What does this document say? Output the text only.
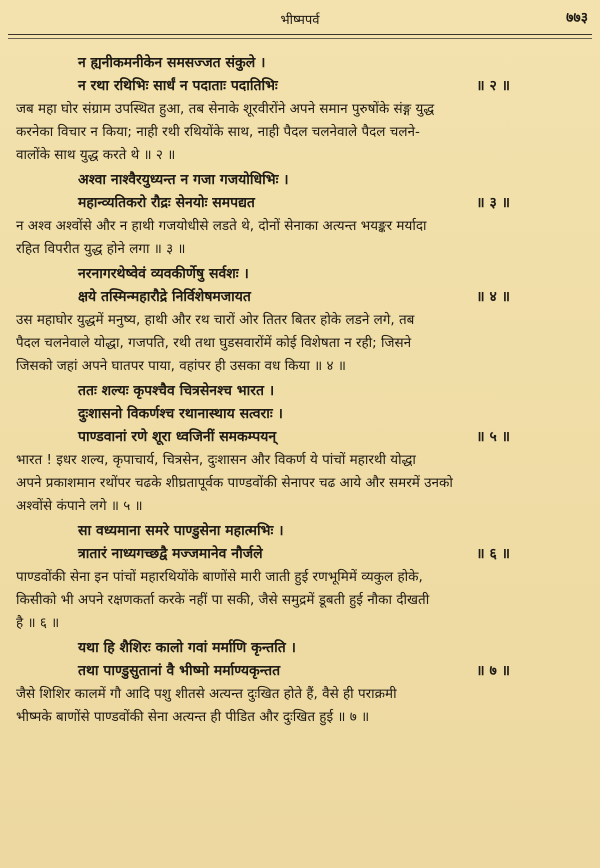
भीष्मपर्व	७७३
न ह्यनीकमनीकेन समसज्जत संकुले ।
न रथा रथिभिः सार्धं न पदाताः पदातिभिः	॥ २ ॥
जब महा घोर संग्राम उपस्थित हुआ, तब सेनाके शूरवीरोंने अपने समान पुरुषोंके संङ्ग युद्ध
करनेका विचार न किया; नाही रथी रथियोंके साथ, नाही पैदल चलनेवाले पैदल चलने-
वालोंके साथ युद्ध करते थे ॥ २ ॥
अश्वा नाश्वैरयुध्यन्त न गजा गजयोधिभिः ।
महान्व्यतिकरो रौद्रः सेनयोः समपद्यत	॥ ३ ॥
न अश्व अश्वोंसे और न हाथी गजयोधीसे लडते थे, दोनों सेनाका अत्यन्त भयङ्कर मर्यादा
रहित विपरीत युद्ध होने लगा ॥ ३ ॥
नरनागरथेष्वेवं व्यवकीर्णेषु सर्वशः ।
क्षये तस्मिन्महारौद्रे निर्विशेषमजायत	॥ ४ ॥
उस महाघोर युद्धमें मनुष्य, हाथी और रथ चारों ओर तितर बितर होके लडने लगे, तब
पैदल चलनेवाले योद्धा, गजपति, रथी तथा घुडसवारोंमें कोई विशेषता न रही; जिसने
जिसको जहां अपने घातपर पाया, वहांपर ही उसका वध किया ॥ ४ ॥
ततः शल्यः कृपश्चैव चित्रसेनश्च भारत ।
दुःशासनो विकर्णश्च रथानास्थाय सत्वराः ।
पाण्डवानां रणे शूरा ध्वजिनीं समकम्पयन्	॥ ५ ॥
भारत ! इधर शल्य, कृपाचार्य, चित्रसेन, दुःशासन और विकर्ण ये पांचों महारथी योद्धा
अपने प्रकाशमान रथोंपर चढके शीघ्रतापूर्वक पाण्डवोंकी सेनापर चढ आये और समरमें उनको
अश्वोंसे कंपाने लगे ॥ ५ ॥
सा वध्यमाना समरे पाण्डुसेना महात्मभिः ।
त्रातारं नाध्यगच्छद्वै मज्जमानेव नौर्जले	॥ ६ ॥
पाण्डवोंकी सेना इन पांचों महारथियोंके बाणोंसे मारी जाती हुई रणभूमिमें व्यकुल होके,
किसीको भी अपने रक्षणकर्ता करके नहीं पा सकी, जैसे समुद्रमें डूबती हुई नौका दीखती
है ॥ ६ ॥
यथा हि शैशिरः कालो गवां मर्माणि कृन्तति ।
तथा पाण्डुसुतानां वै भीष्मो मर्माण्यकृन्तत	॥ ७ ॥
जैसे शिशिर कालमें गौ आदि पशु शीतसे अत्यन्त दुःखित होते हैं, वैसे ही पराक्रमी
भीष्मके बाणोंसे पाण्डवोंकी सेना अत्यन्त ही पीडित और दुःखित हुई ॥ ७ ॥
